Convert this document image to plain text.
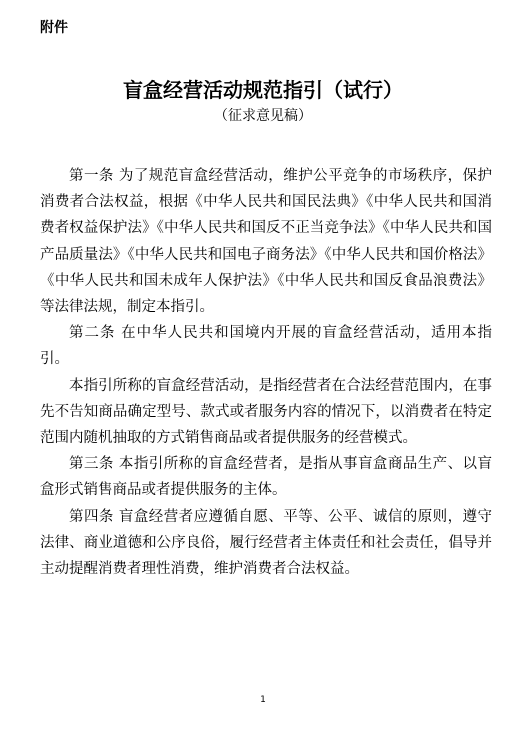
附件
盲盒经营活动规范指引（试行）
（征求意见稿）

第一条 为了规范盲盒经营活动，维护公平竞争的市场秩序，保护消费者合法权益，根据《中华人民共和国民法典》《中华人民共和国消费者权益保护法》《中华人民共和国反不正当竞争法》《中华人民共和国产品质量法》《中华人民共和国电子商务法》《中华人民共和国价格法》《中华人民共和国未成年人保护法》《中华人民共和国反食品浪费法》等法律法规，制定本指引。

第二条 在中华人民共和国境内开展的盲盒经营活动，适用本指引。

本指引所称的盲盒经营活动，是指经营者在合法经营范围内，在事先不告知商品确定型号、款式或者服务内容的情况下，以消费者在特定范围内随机抽取的方式销售商品或者提供服务的经营模式。

第三条 本指引所称的盲盒经营者，是指从事盲盒商品生产、以盲盒形式销售商品或者提供服务的主体。

第四条 盲盒经营者应遵循自愿、平等、公平、诚信的原则，遵守法律、商业道德和公序良俗，履行经营者主体责任和社会责任，倡导并主动提醒消费者理性消费，维护消费者合法权益。

1
